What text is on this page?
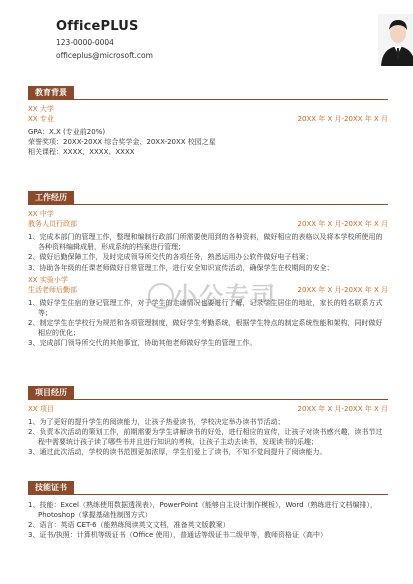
OfficePLUS
123-0000-0004
officeplus@microsoft.com
教育背景
XX 大学
XX 专业	20XX 年 X 月-20XX 年 X 月
GPA：X.X (专业前20%)
荣誉奖项：20XX-20XX 综合奖学金、20XX-20XX 校园之星
相关课程：XXXX、XXXX、XXXX
工作经历
XX 中学
教务人员行政部	20XX 年 X 月-20XX 年 X 月
1、完成本部门的管理工作，整理和编制行政部门所需要使用到的各种资料，做好相应的表格以及将本学校所使用的各种资料编辑成册，形成系统的档案进行管理；
2、做好后勤保障工作，及时完成领导所交代的各项任务，熟悉运用办公软件做好电子档案；
3、协助各年级的任课老师做好日常管理工作，进行安全知识宣传活动，确保学生在校期间的安全；
XX 实验小学
生活老师后勤部	20XX 年 X 月-20XX 年 X 月
1、做好学生住宿的登记管理工作，对于学生的走读情况也要进行了解，记录学生居住的地址，家长的姓名联系方式等；
2、制定学生在学校行为规范和各项管理制度，做好学生考勤系统，根据学生特点的制定系统性能和架构，同时做好相应的优化；
3、完成部门领导所交代的其他事宜，协助其他老师做好学生的管理工作。
项目经历
XX 项目	20XX 年 X 月-20XX 年 X 月
1、为了更好的提升学生的阅读能力，让孩子热爱读书，学校决定举办读书节活动；
2、负责本次活动的策划工作，前期需要为学生讲解读书的好处，进行相应的宣传，让孩子对读书感兴趣，读书节过程中需要统计孩子读了哪些书并且进行知识的考核，让孩子主动去读书，发现读书的乐趣；
3、通过此次活动，学校的读书范围更加浓厚，学生们爱上了读书，不知不觉间提升了阅读能力。
技能证书
1、技能：Excel（熟练使用数据透视表），PowerPoint（能够自主设计制作模板），Word（熟练进行文档编排），Photoshop（掌握基础性制图方式）
2、语言：英语 CET-6（能熟练阅读英文文档，准备英文版教案）
3、证书/执照：计算机等级证书（Office 使用），普通话等级证书二级甲等，教师资格证（高中）
小公专司
